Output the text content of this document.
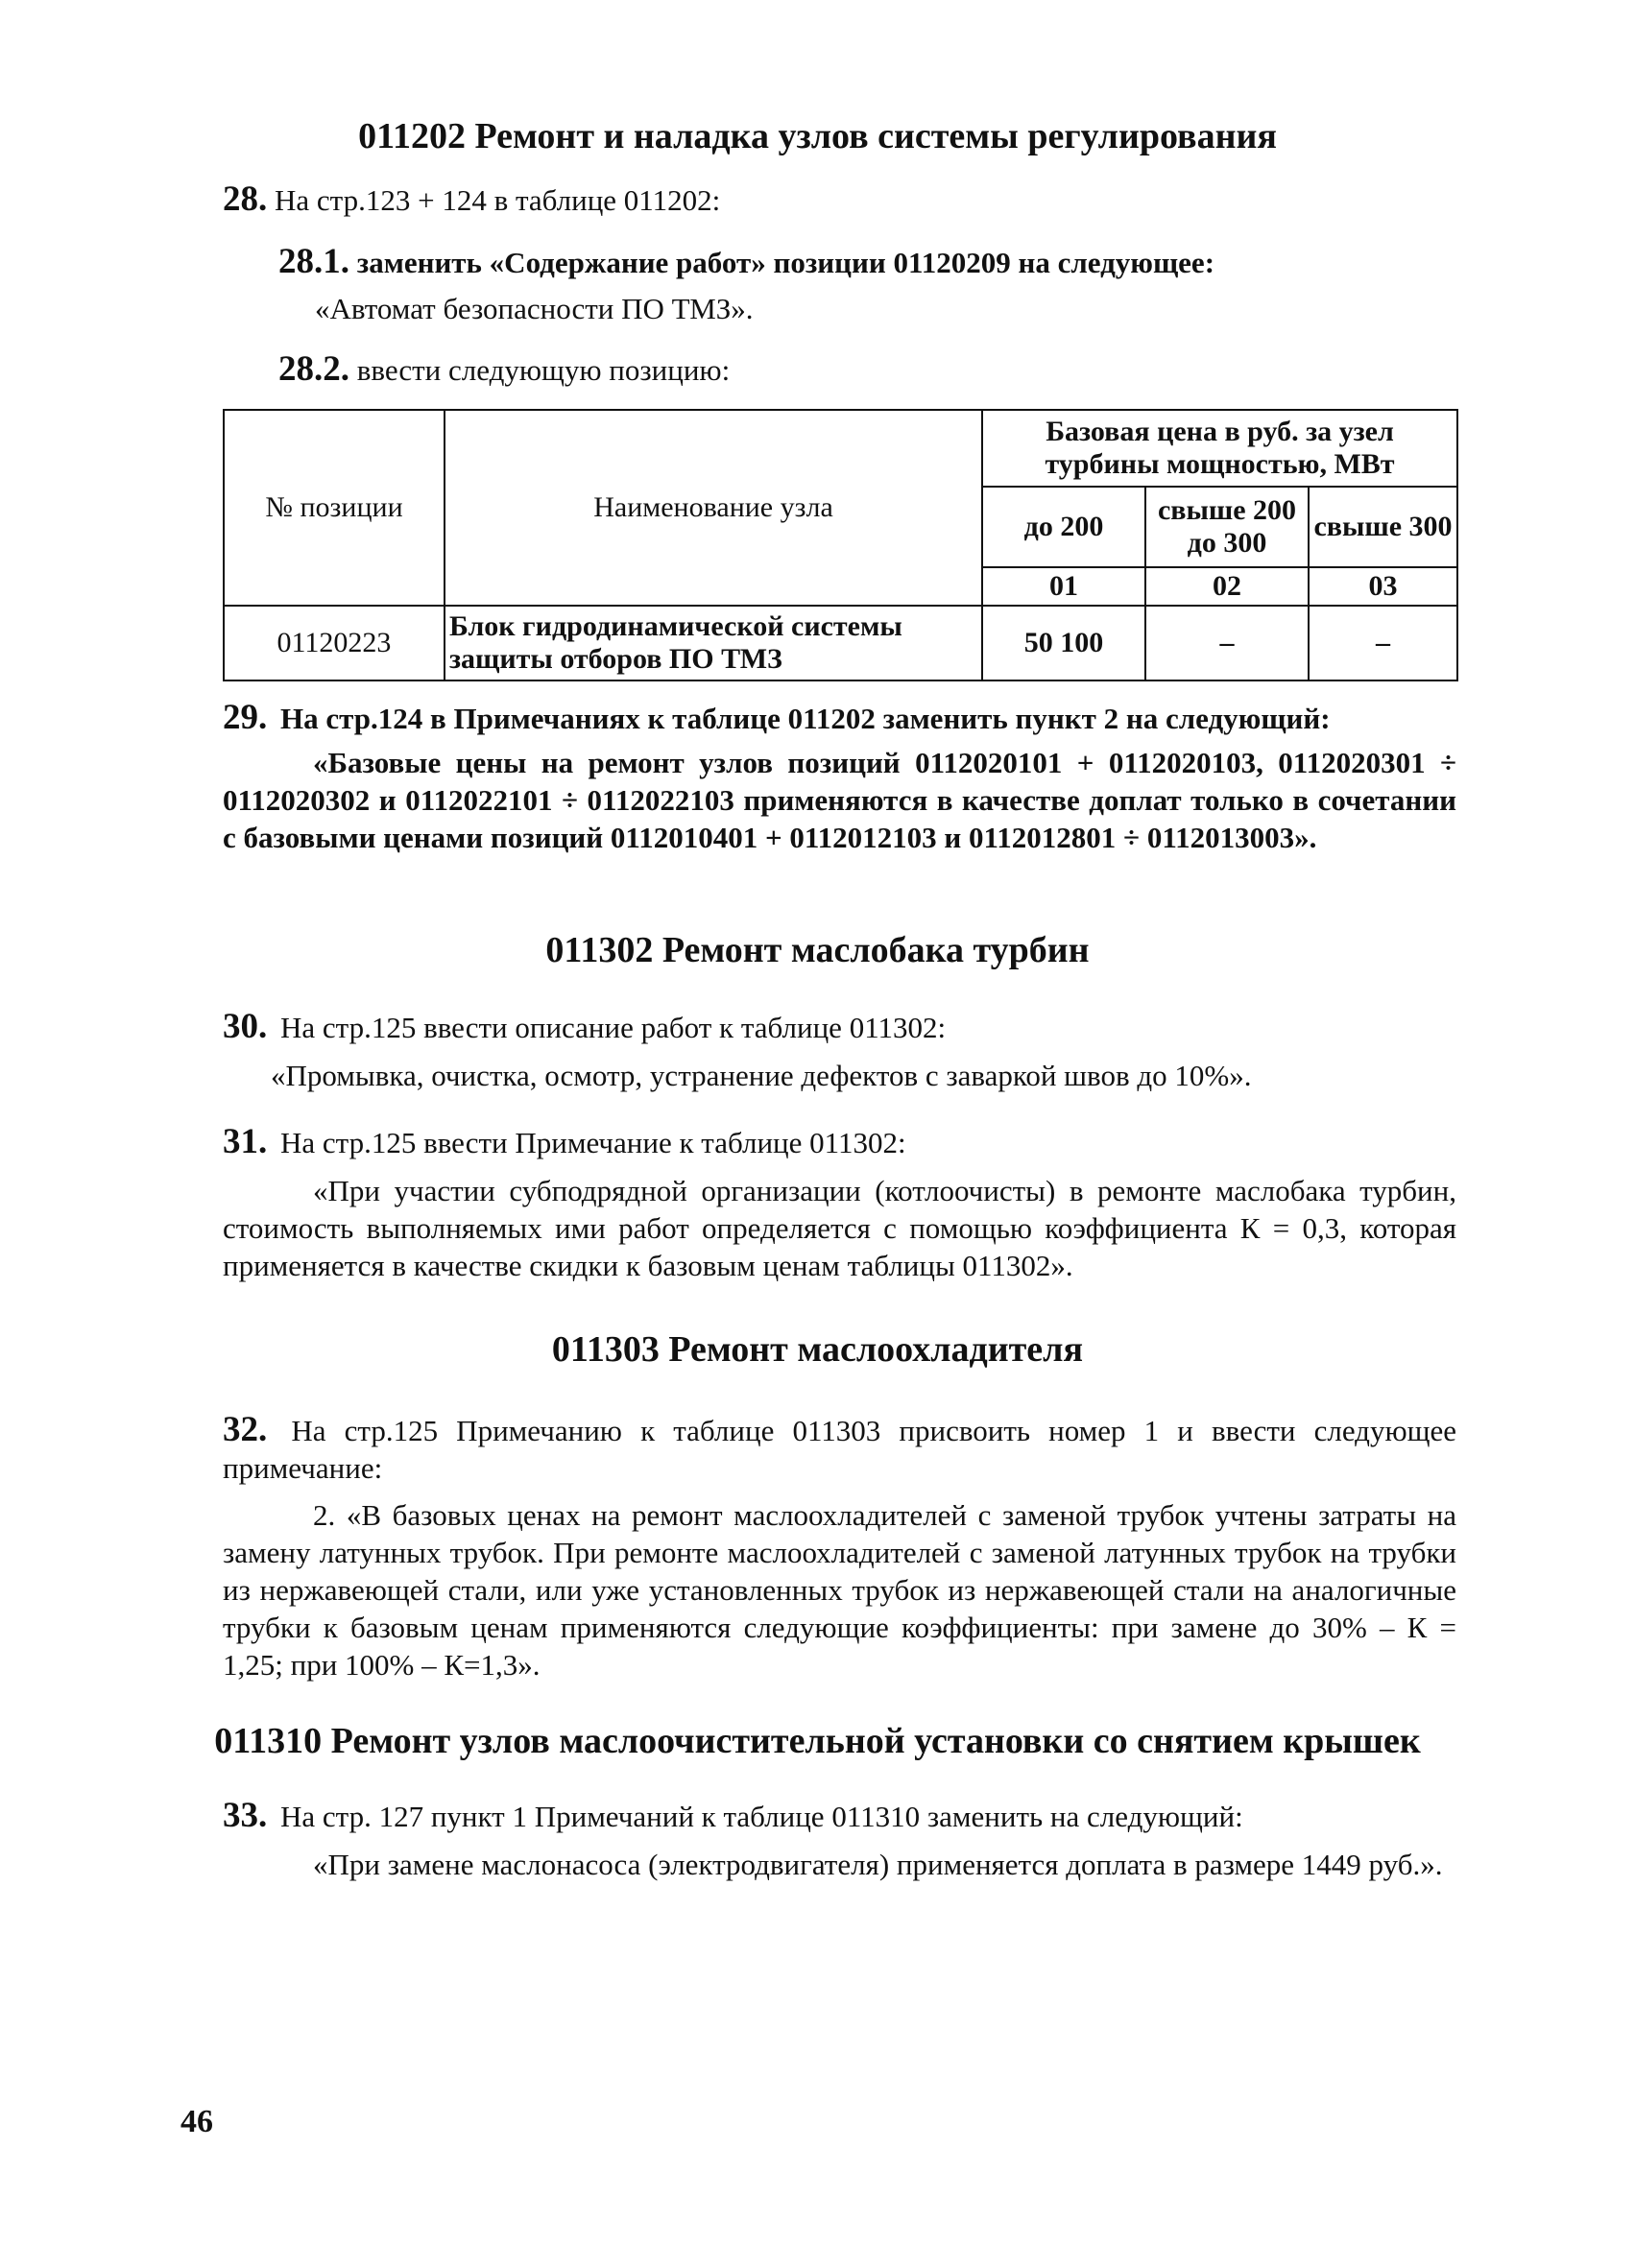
011202 Ремонт и наладка узлов системы регулирования
28. На стр.123 + 124 в таблице 011202:
28.1. заменить «Содержание работ» позиции 01120209 на следующее:
«Автомат безопасности ПО ТМЗ».
28.2. ввести следующую позицию:
№ позиции	Наименование узла	Базовая цена в руб. за узел турбины мощностью, МВт		
		до 200	свыше 200 до 300	свыше 300
		01	02	03
01120223	Блок гидродинамической системы защиты отборов ПО ТМЗ	50 100	–	–
29. На стр.124 в Примечаниях к таблице 011202 заменить пункт 2 на следующий:

«Базовые цены на ремонт узлов позиций 0112020101 + 0112020103, 0112020301 ÷ 0112020302 и 0112022101 ÷ 0112022103 применяются в качестве доплат только в сочетании с базовыми ценами позиций 0112010401 + 0112012103 и 0112012801 ÷ 0112013003».

011302 Ремонт маслобака турбин
30. На стр.125 ввести описание работ к таблице 011302:
«Промывка, очистка, осмотр, устранение дефектов с заваркой швов до 10%».
31. На стр.125 ввести Примечание к таблице 011302:

«При участии субподрядной организации (котлоочисты) в ремонте маслобака турбин, стоимость выполняемых ими работ определяется с помощью коэффициента К = 0,3, которая применяется в качестве скидки к базовым ценам таблицы 011302».

011303 Ремонт маслоохладителя

32. На стр.125 Примечанию к таблице 011303 присвоить номер 1 и ввести следующее примечание:

2. «В базовых ценах на ремонт маслоохладителей с заменой трубок учтены затраты на замену латунных трубок. При ремонте маслоохладителей с заменой латунных трубок на трубки из нержавеющей стали, или уже установленных трубок из нержавеющей стали на аналогичные трубки к базовым ценам применяются следующие коэффициенты: при замене до 30% – К = 1,25; при 100% – К=1,3».

011310 Ремонт узлов маслоочистительной установки со снятием крышек
33. На стр. 127 пункт 1 Примечаний к таблице 011310 заменить на следующий:

«При замене маслонасоса (электродвигателя) применяется доплата в размере 1449 руб.».

46
